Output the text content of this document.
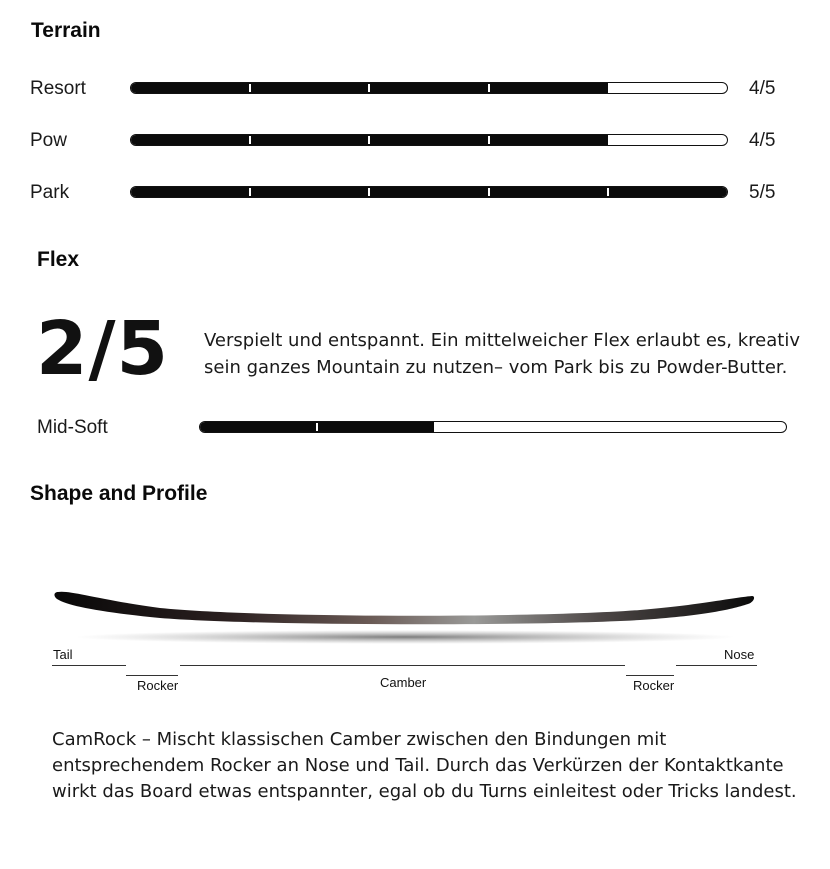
Terrain
Resort	4/5
Pow	4/5
Park	5/5
Flex
2/5 Verspielt und entspannt. Ein mittelweicher Flex erlaubt es, kreativ
sein ganzes Mountain zu nutzen– vom Park bis zu Powder-Butter.
Mid-Soft
Shape and Profile
Tail	Nose
Rocker	Camber	Rocker
CamRock – Mischt klassischen Camber zwischen den Bindungen mit
entsprechendem Rocker an Nose und Tail. Durch das Verkürzen der Kontaktkante
wirkt das Board etwas entspannter, egal ob du Turns einleitest oder Tricks landest.
